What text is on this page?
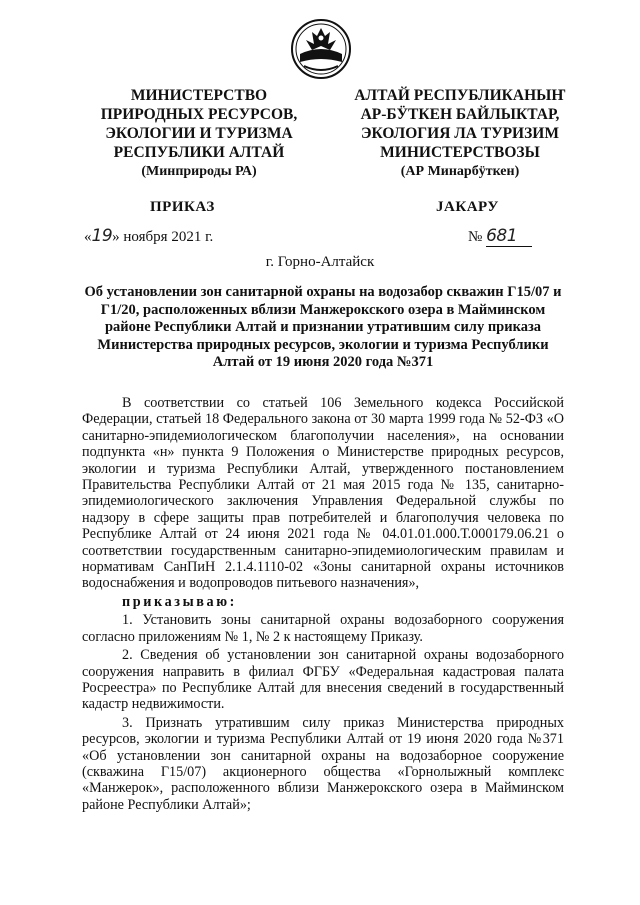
МИНИСТЕРСТВО
ПРИРОДНЫХ РЕСУРСОВ,
ЭКОЛОГИИ И ТУРИЗМА
РЕСПУБЛИКИ АЛТАЙ
(Минприроды РА)
АЛТАЙ РЕСПУБЛИКАНЫҤ
АР-БӰТКЕН БАЙЛЫКТАР,
ЭКОЛОГИЯ ЛА ТУРИЗИМ
МИНИСТЕРСТВОЗЫ
(АР Минарбӱткен)
ПРИКАЗ	JАКАРУ
«19» ноября 2021 г.	№ 681
г. Горно-Алтайск
Об установлении зон санитарной охраны на водозабор скважин Г15/07 и Г1/20, расположенных вблизи Манжерокского озера в Майминском районе Республики Алтай и признании утратившим силу приказа Министерства природных ресурсов, экологии и туризма Республики Алтай от 19 июня 2020 года №371

В соответствии со статьей 106 Земельного кодекса Российской Федерации, статьей 18 Федерального закона от 30 марта 1999 года № 52-ФЗ «О санитарно-эпидемиологическом благополучии населения», на основании подпункта «н» пункта 9 Положения о Министерстве природных ресурсов, экологии и туризма Республики Алтай, утвержденного постановлением Правительства Республики Алтай от 21 мая 2015 года № 135, санитарно-эпидемиологического заключения Управления Федеральной службы по надзору в сфере защиты прав потребителей и благополучия человека по Республике Алтай от 24 июня 2021 года № 04.01.01.000.Т.000179.06.21 о соответствии государственным санитарно-эпидемиологическим правилам и нормативам СанПиН 2.1.4.1110-02 «Зоны санитарной охраны источников водоснабжения и водопроводов питьевого назначения»,

приказываю:

1. Установить зоны санитарной охраны водозаборного сооружения согласно приложениям № 1, № 2 к настоящему Приказу.

2. Сведения об установлении зон санитарной охраны водозаборного сооружения направить в филиал ФГБУ «Федеральная кадастровая палата Росреестра» по Республике Алтай для внесения сведений в государственный кадастр недвижимости.

3. Признать утратившим силу приказ Министерства природных ресурсов, экологии и туризма Республики Алтай от 19 июня 2020 года №371 «Об установлении зон санитарной охраны на водозаборное сооружение (скважина Г15/07) акционерного общества «Горнолыжный комплекс «Манжерок», расположенного вблизи Манжерокского озера в Майминском районе Республики Алтай»;
